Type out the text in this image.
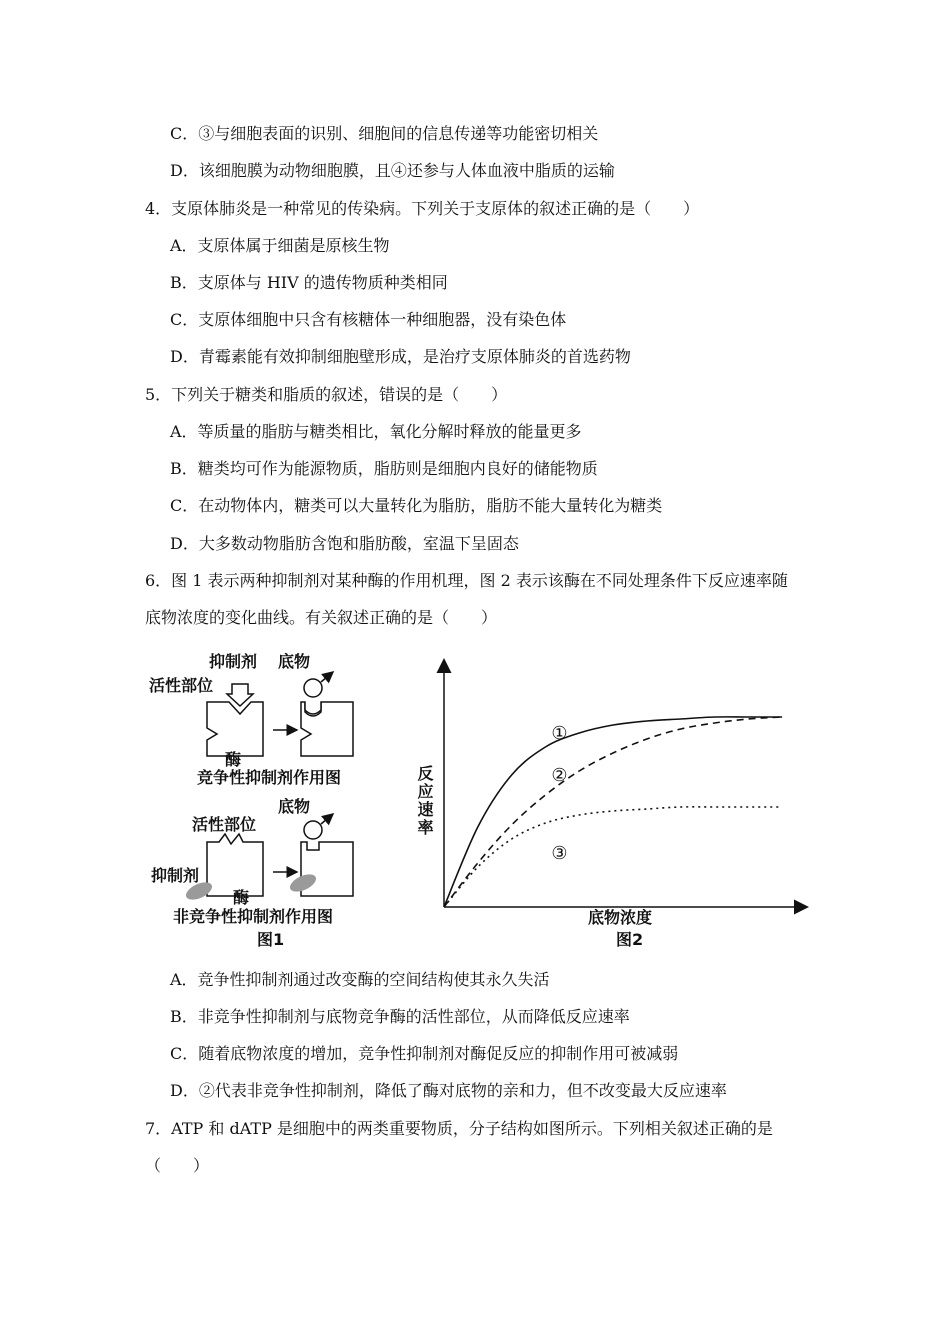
C．③与细胞表面的识别、细胞间的信息传递等功能密切相关
D．该细胞膜为动物细胞膜，且④还参与人体血液中脂质的运输
4．支原体肺炎是一种常见的传染病。下列关于支原体的叙述正确的是（　　）
A．支原体属于细菌是原核生物
B．支原体与 HIV 的遗传物质种类相同
C．支原体细胞中只含有核糖体一种细胞器，没有染色体
D．青霉素能有效抑制细胞壁形成，是治疗支原体肺炎的首选药物
5．下列关于糖类和脂质的叙述，错误的是（　　）
A．等质量的脂肪与糖类相比，氧化分解时释放的能量更多
B．糖类均可作为能源物质，脂肪则是细胞内良好的储能物质
C．在动物体内，糖类可以大量转化为脂肪，脂肪不能大量转化为糖类
D．大多数动物脂肪含饱和脂肪酸，室温下呈固态
6．图 1 表示两种抑制剂对某种酶的作用机理，图 2 表示该酶在不同处理条件下反应速率随
底物浓度的变化曲线。有关叙述正确的是（　　）
抑制剂 底物
活性部位
酶
竞争性抑制剂作用图
底物
活性部位
抑制剂
酶
非竞争性抑制剂作用图
图1
①
②
③
反应速率
底物浓度
图2
A．竞争性抑制剂通过改变酶的空间结构使其永久失活
B．非竞争性抑制剂与底物竞争酶的活性部位，从而降低反应速率
C．随着底物浓度的增加，竞争性抑制剂对酶促反应的抑制作用可被减弱
D．②代表非竞争性抑制剂，降低了酶对底物的亲和力，但不改变最大反应速率
7．ATP 和 dATP 是细胞中的两类重要物质，分子结构如图所示。下列相关叙述正确的是
（　　）
